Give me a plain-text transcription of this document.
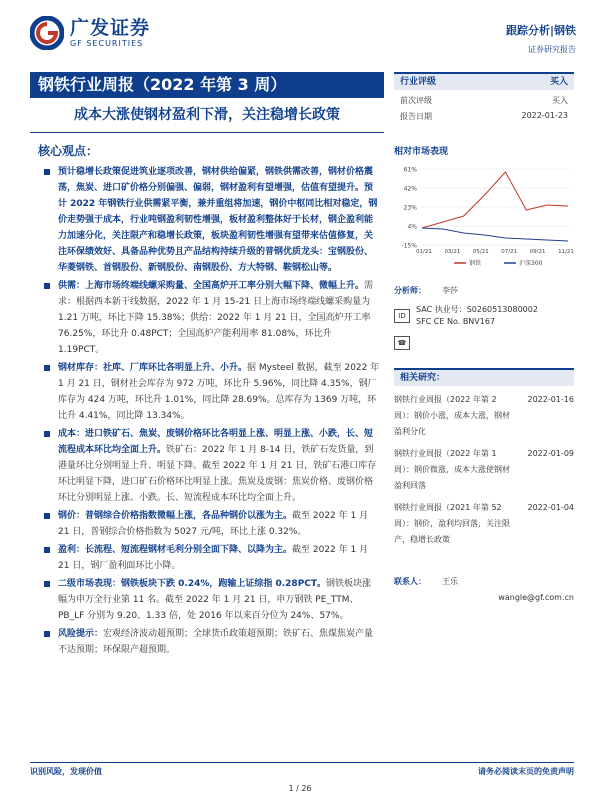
广发证券
GF SECURITIES
跟踪分析|钢铁
证券研究报告
钢铁行业周报（2022 年第 3 周）
成本大涨使钢材盈利下滑，关注稳增长政策
核心观点：
预计稳增长政策促进筑业逐项改善，钢材供给偏紧，钢铁供需改善，钢材价格震荡，焦炭、进口矿价格分别偏强、偏弱，钢材盈利有望增强，估值有望提升。预计 2022 年钢铁行业供需紧平衡，兼并重组将加速，钢价中枢同比相对稳定，钢价走势强于成本，行业吨钢盈利韧性增强，板材盈利整体好于长材，钢企盈利能力加速分化，关注限产和稳增长政策，板块盈利韧性增强有望带来估值修复，关注环保绩效好、具备品种优势且产品结构持续升级的普钢优质龙头：宝钢股份、华菱钢铁、首钢股份、新钢股份、南钢股份、方大特钢、鞍钢松山等。
供需：上海市场终端线螺采购量、全国高炉开工率分别大幅下降、微幅上升。需求：根据西本新干线数据，2022 年 1 月 15-21 日上海市场终端线螺采购量为 1.21 万吨，环比下降 15.38%；供给：2022 年 1 月 21 日，全国高炉开工率 76.25%，环比升 0.48PCT；全国高炉产能利用率 81.08%，环比升 1.19PCT。
钢材库存：社库、厂库环比各明显上升、小升。据 Mysteel 数据，截至 2022 年 1 月 21 日，钢材社会库存为 972 万吨，环比升 5.96%，同比降 4.35%，钢厂库存为 424 万吨，环比升 1.01%，同比降 28.69%。总库存为 1369 万吨，环比升 4.41%，同比降 13.34%。
成本：进口铁矿石、焦炭、废钢价格环比各明显上涨、明显上涨、小跌，长、短流程成本环比均全面上升。铁矿石：2022 年 1 月 8-14 日，铁矿石发货量，到港量环比分别明显上升、明显下降。截至 2022 年 1 月 21 日，铁矿石港口库存环比明显下降，进口矿石价格环比明显上涨。焦炭及废钢：焦炭价格、废钢价格环比分别明显上涨、小跌。长、短流程成本环比均全面上升。
钢价：普钢综合价格指数微幅上涨，各品种钢价以涨为主。截至 2022 年 1 月 21 日，普钢综合价格指数为 5027 元/吨，环比上涨 0.32%。
盈利：长流程、短流程钢材毛利分别全面下降、以降为主。截至 2022 年 1 月 21 日，钢厂盈利面环比小降。
二级市场表现：钢铁板块下跌 0.24%，跑输上证综指 0.28PCT。钢铁板块涨幅为申万全行业第 11 名。截至 2022 年 1 月 21 日，申万钢铁 PE_TTM、PB_LF 分别为 9.20、1.33 倍，处 2016 年以来百分位为 24%、57%。
风险提示：宏观经济波动超预期；全球货币政策超预期；铁矿石、焦煤焦炭产量不达预期；环保限产超预期。
行业评级	买入
前次评级	买入
报告日期	2022-01-23
相对市场表现
61%
42%
23%
4%
-15%
01/21 03/21 05/21 07/21 09/21 11/21
钢铁	沪深300
分析师：	李莎
ID
SAC 执业号：S0260513080002
SFC CE No. BNV167
☎
相关研究：
钢铁行业周报（2022 年第 2 周）：钢价小涨，成本大涨，钢材盈利分化
2022-01-16
钢铁行业周报（2022 年第 1 周）：钢价微涨，成本大涨使钢材盈利回落
2022-01-09
钢铁行业周报（2021 年第 52 周）：钢价，盈利均回落，关注限产，稳增长政策
2022-01-04
联系人：	王乐
wangle@gf.com.cn
识别风险，发现价值	请务必阅读末页的免责声明
1 / 26
